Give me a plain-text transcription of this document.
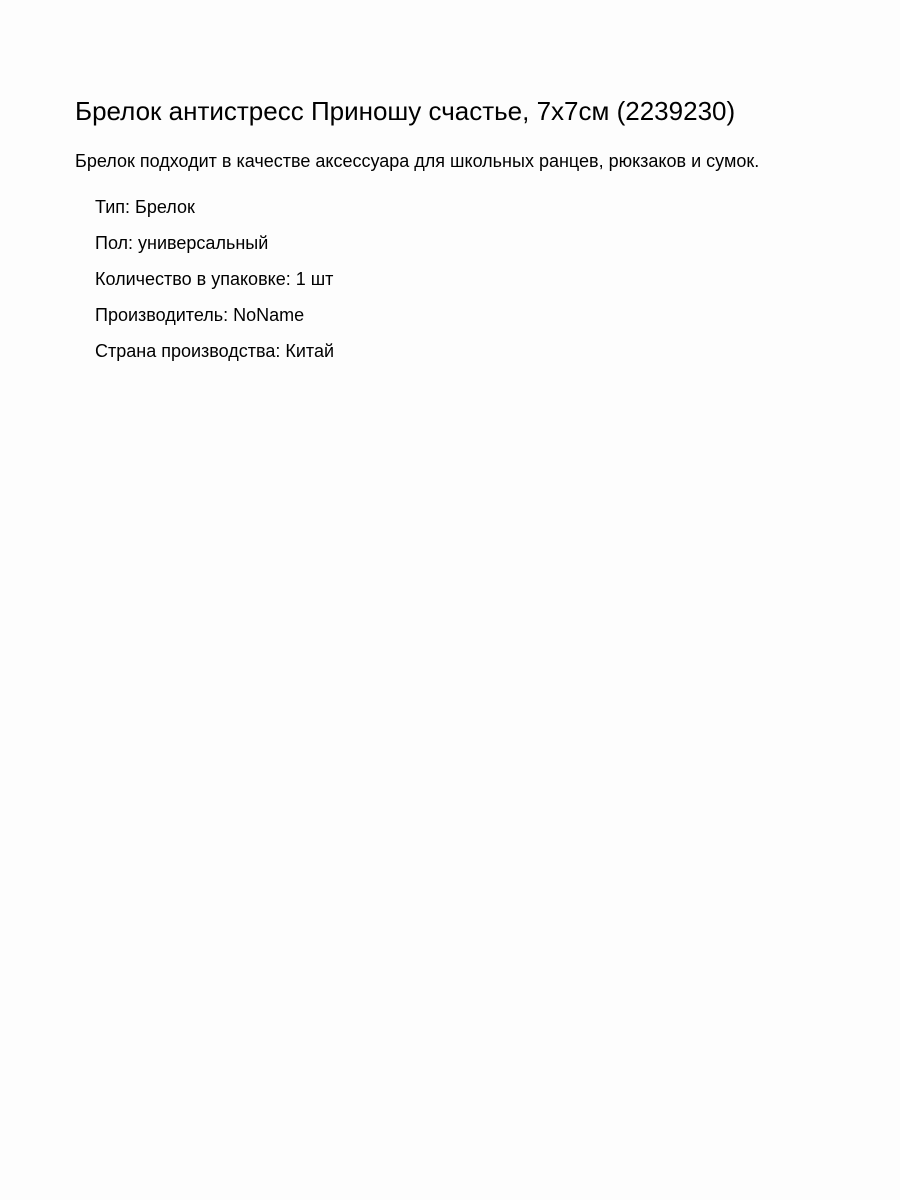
Брелок антистресс Приношу счастье, 7х7см (2239230)

Брелок подходит в качестве аксессуара для школьных ранцев, рюкзаков и сумок.

Тип: Брелок
Пол: универсальный
Количество в упаковке: 1 шт
Производитель: NoName
Страна производства: Китай
